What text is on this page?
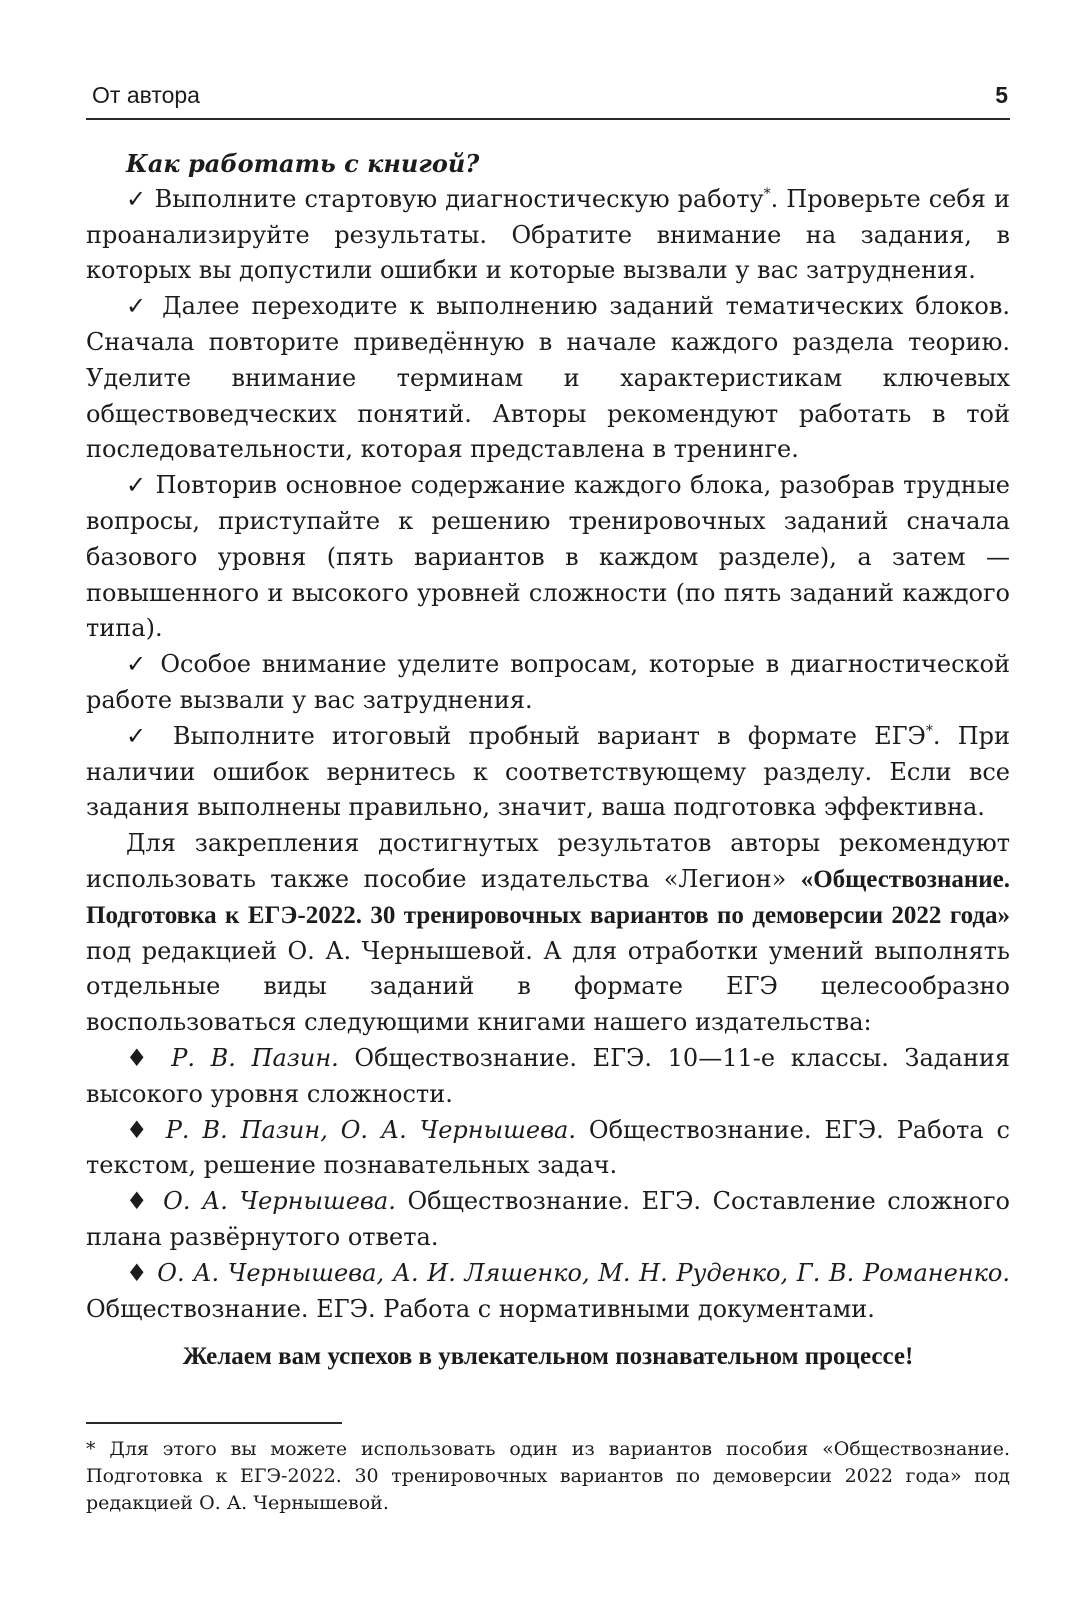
От автора	5

Как работать с книгой?

✓ Выполните стартовую диагностическую работу*. Проверьте себя и проанализируйте результаты. Обратите внимание на задания, в которых вы допустили ошибки и которые вызвали у вас затруднения.

✓ Далее переходите к выполнению заданий тематических блоков. Сначала повторите приведённую в начале каждого раздела теорию. Уделите внимание терминам и характеристикам ключевых обществоведческих понятий. Авторы рекомендуют работать в той последовательности, которая представлена в тренинге.

✓ Повторив основное содержание каждого блока, разобрав трудные вопросы, приступайте к решению тренировочных заданий сначала базового уровня (пять вариантов в каждом разделе), а затем — повышенного и высокого уровней сложности (по пять заданий каждого типа).

✓ Особое внимание уделите вопросам, которые в диагностической работе вызвали у вас затруднения.

✓ Выполните итоговый пробный вариант в формате ЕГЭ*. При наличии ошибок вернитесь к соответствующему разделу. Если все задания выполнены правильно, значит, ваша подготовка эффективна.

Для закрепления достигнутых результатов авторы рекомендуют использовать также пособие издательства «Легион» «Обществознание. Подготовка к ЕГЭ-2022. 30 тренировочных вариантов по демоверсии 2022 года» под редакцией О. А. Чернышевой. А для отработки умений выполнять отдельные виды заданий в формате ЕГЭ целесообразно воспользоваться следующими книгами нашего издательства:

♦ Р. В. Пазин. Обществознание. ЕГЭ. 10—11-е классы. Задания высокого уровня сложности.

♦ Р. В. Пазин, О. А. Чернышева. Обществознание. ЕГЭ. Работа с текстом, решение познавательных задач.

♦ О. А. Чернышева. Обществознание. ЕГЭ. Составление сложного плана развёрнутого ответа.

♦ О. А. Чернышева, А. И. Ляшенко, М. Н. Руденко, Г. В. Романенко. Обществознание. ЕГЭ. Работа с нормативными документами.

Желаем вам успехов в увлекательном познавательном процессе!

* Для этого вы можете использовать один из вариантов пособия «Обществознание. Подготовка к ЕГЭ-2022. 30 тренировочных вариантов по демоверсии 2022 года» под редакцией О. А. Чернышевой.
